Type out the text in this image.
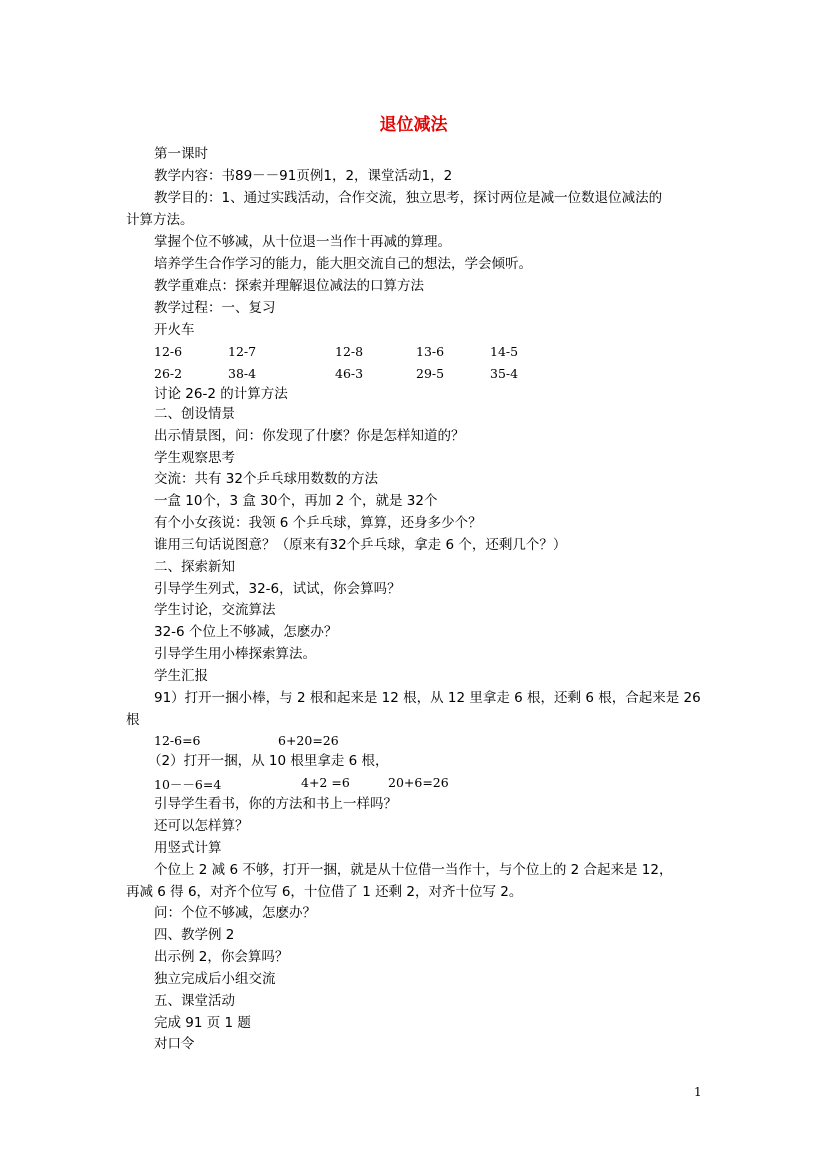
退位减法
第一课时
教学内容：书89－－91页例1，2，课堂活动1，2
教学目的：1、通过实践活动，合作交流，独立思考，探讨两位是减一位数退位减法的
计算方法。
掌握个位不够减，从十位退一当作十再减的算理。
培养学生合作学习的能力，能大胆交流自己的想法，学会倾听。
教学重难点：探索并理解退位减法的口算方法
教学过程：一、复习
开火车
12-6	12-7	12-8	13-6	14-5
26-2	38-4	46-3	29-5	35-4
讨论 26-2 的计算方法
二、创设情景
出示情景图，问：你发现了什麽？你是怎样知道的？
学生观察思考
交流：共有 32个乒乓球用数数的方法
一盒 10个，3 盒 30个，再加 2 个，就是 32个
有个小女孩说：我领 6 个乒乓球，算算，还身多少个？
谁用三句话说图意？（原来有32个乒乓球，拿走 6 个，还剩几个？）
二、探索新知
引导学生列式，32-6，试试，你会算吗？
学生讨论，交流算法
32-6 个位上不够减，怎麽办？
引导学生用小棒探索算法。
学生汇报
91）打开一捆小棒，与 2 根和起来是 12 根，从 12 里拿走 6 根，还剩 6 根，合起来是 26
根
12-6=6	6+20=26
（2）打开一捆，从 10 根里拿走 6 根，
10－－6=4	4+2 =6	20+6=26
引导学生看书，你的方法和书上一样吗？
还可以怎样算？
用竖式计算
个位上 2 减 6 不够，打开一捆，就是从十位借一当作十，与个位上的 2 合起来是 12，
再减 6 得 6，对齐个位写 6，十位借了 1 还剩 2，对齐十位写 2。
问：个位不够减，怎麽办？
四、教学例 2
出示例 2，你会算吗？
独立完成后小组交流
五、课堂活动
完成 91 页 1 题
对口令
1
